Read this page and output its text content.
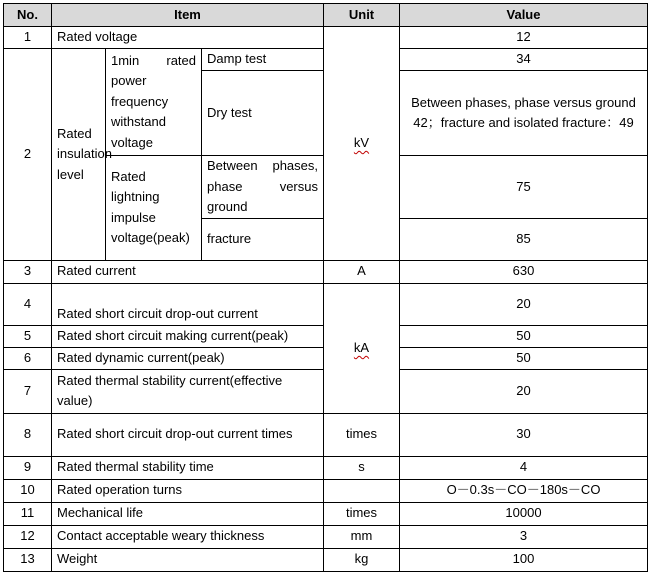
No.	Item			Unit	Value
1	Rated voltage			kV	12
2	Rated insulation level	1min rated power frequency withstand voltage	Damp test		34
			Dry test		Between phases, phase versus ground 42；fracture and isolated fracture：49
		Rated lightning impulse voltage(peak)	Between phases, phase versus ground		75
			fracture		85
3	Rated current			A	630
4	Rated short circuit drop-out current			kA	20
5	Rated short circuit making current(peak)				50
6	Rated dynamic current(peak)				50
7	Rated thermal stability current(effective value)				20
8	Rated short circuit drop-out current times			times	30
9	Rated thermal stability time			s	4
10	Rated operation turns				O－0.3s－CO－180s－CO
11	Mechanical life			times	10000
12	Contact acceptable weary thickness			mm	3
13	Weight			kg	100
